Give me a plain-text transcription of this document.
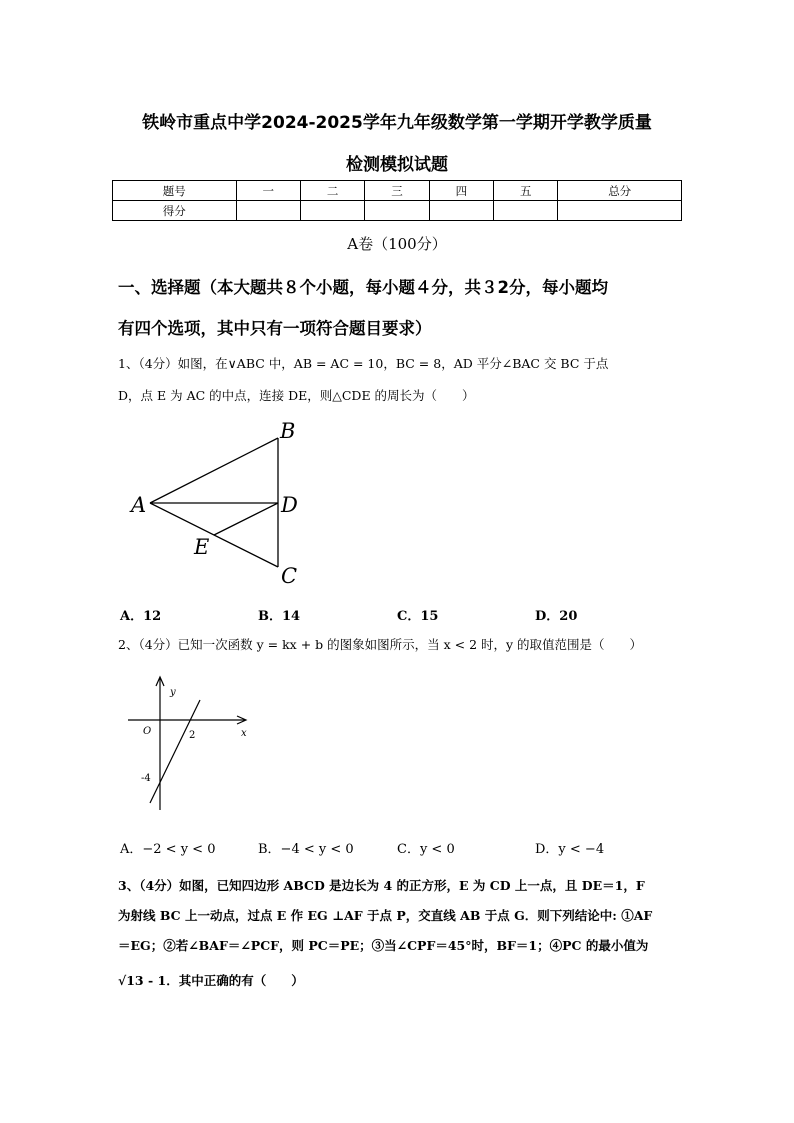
铁岭市重点中学2024-2025学年九年级数学第一学期开学教学质量
检测模拟试题
题号	一	二	三	四	五	总分
得分						
A卷（100分）
一、选择题（本大题共８个小题，每小题４分，共３2分，每小题均
有四个选项，其中只有一项符合题目要求）
1、（4分）如图，在∨ABC 中，AB = AC = 10，BC = 8，AD 平分∠BAC 交 BC 于点
D，点 E 为 AC 的中点，连接 DE，则△CDE 的周长为（　　）
B
A	D
E
C
A．12	B．14	C．15	D．20
2、（4分）已知一次函数 y = kx + b 的图象如图所示，当 x < 2 时，y 的取值范围是（　　）
y
x
O	2
-4
A．−2 < y < 0	B．−4 < y < 0	C．y < 0	D．y < −4
3、（4分）如图，已知四边形 ABCD 是边长为 4 的正方形，E 为 CD 上一点，且 DE＝1，F
为射线 BC 上一动点，过点 E 作 EG ⊥AF 于点 P，交直线 AB 于点 G．则下列结论中: ①AF
＝EG；②若∠BAF＝∠PCF，则 PC＝PE；③当∠CPF＝45°时，BF＝1；④PC 的最小值为
√13 - 1．其中正确的有（　　）
